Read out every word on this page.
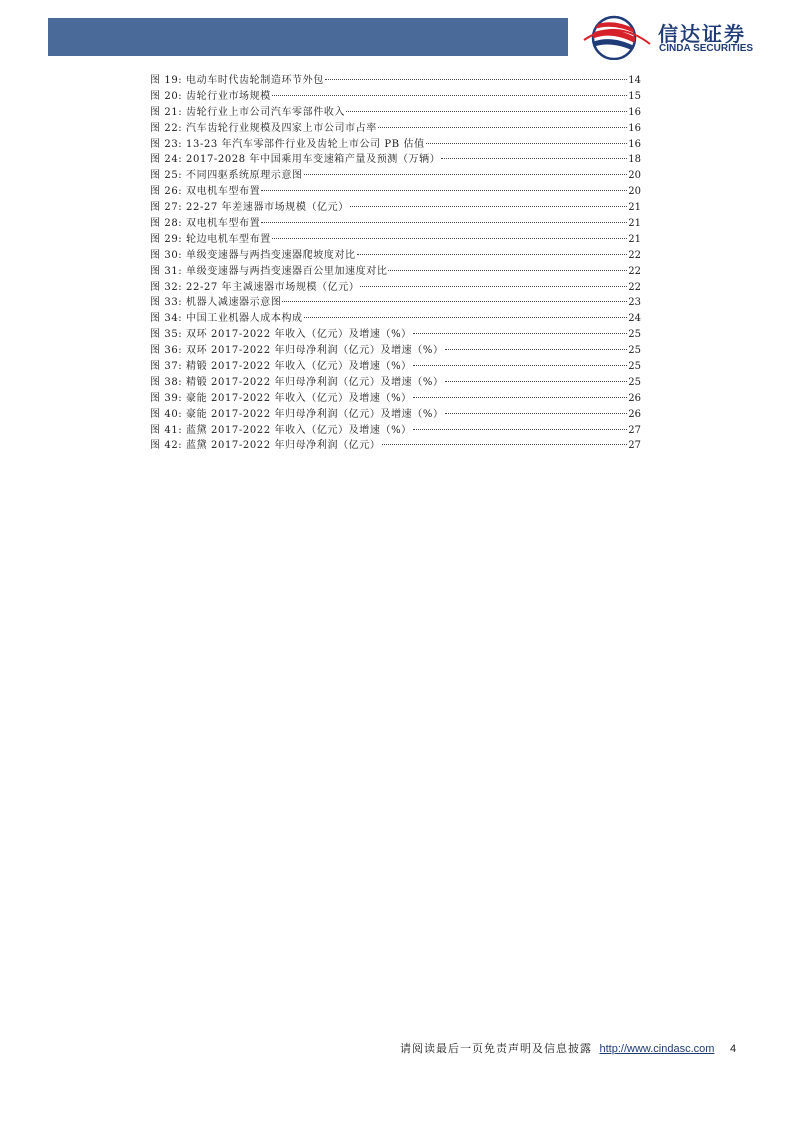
信达证券
CINDA SECURITIES
图 19: 电动车时代齿轮制造环节外包	14
图 20: 齿轮行业市场规模	15
图 21: 齿轮行业上市公司汽车零部件收入	16
图 22: 汽车齿轮行业规模及四家上市公司市占率	16
图 23: 13-23 年汽车零部件行业及齿轮上市公司 PB 估值	16
图 24: 2017-2028 年中国乘用车变速箱产量及预测（万辆）	18
图 25: 不同四驱系统原理示意图	20
图 26: 双电机车型布置	20
图 27: 22-27 年差速器市场规模（亿元）	21
图 28: 双电机车型布置	21
图 29: 轮边电机车型布置	21
图 30: 单级变速器与两挡变速器爬坡度对比	22
图 31: 单级变速器与两挡变速器百公里加速度对比	22
图 32: 22-27 年主减速器市场规模（亿元）	22
图 33: 机器人减速器示意图	23
图 34: 中国工业机器人成本构成	24
图 35: 双环 2017-2022 年收入（亿元）及增速（%）	25
图 36: 双环 2017-2022 年归母净利润（亿元）及增速（%）	25
图 37: 精锻 2017-2022 年收入（亿元）及增速（%）	25
图 38: 精锻 2017-2022 年归母净利润（亿元）及增速（%）	25
图 39: 豪能 2017-2022 年收入（亿元）及增速（%）	26
图 40: 豪能 2017-2022 年归母净利润（亿元）及增速（%）	26
图 41: 蓝黛 2017-2022 年收入（亿元）及增速（%）	27
图 42: 蓝黛 2017-2022 年归母净利润（亿元）	27
请阅读最后一页免责声明及信息披露 http://www.cindasc.com 4
